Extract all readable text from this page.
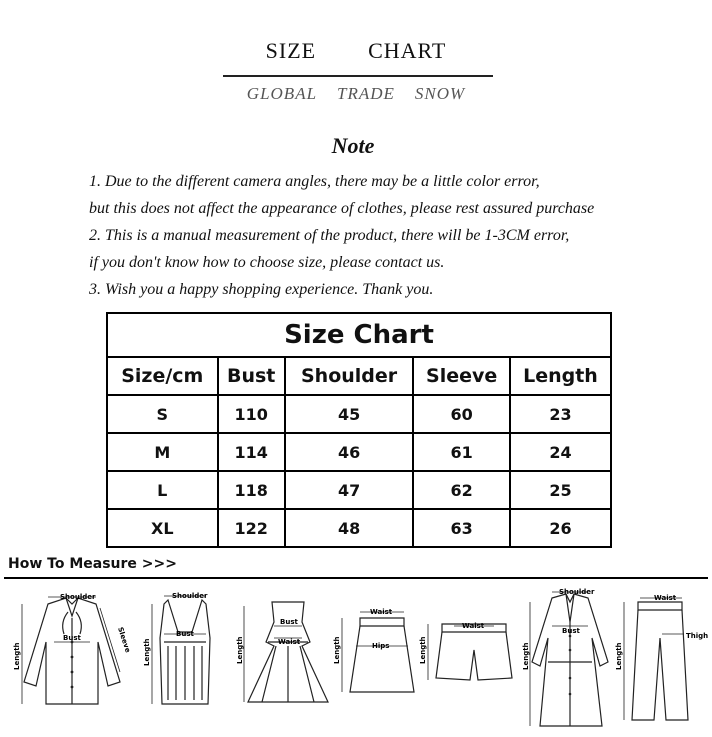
SIZE CHART
GLOBAL TRADE SNOW
Note
1. Due to the different camera angles, there may be a little color error,
but this does not affect the appearance of clothes, please rest assured purchase
2. This is a manual measurement of the product, there will be 1-3CM error,
if you don't know how to choose size, please contact us.
3. Wish you a happy shopping experience. Thank you.
Size Chart				
Size/cm	Bust	Shoulder	Sleeve	Length
S	110	45	60	23
M	114	46	61	24
L	118	47	62	25
XL	122	48	63	26
How To Measure >>>
Shoulder
Bust
Length
Sleeve
Shoulder
Bust
Length
Bust
Waist
Length
Waist
Hips
Length
Waist
Length
Shoulder
Bust
Length
Waist
Thigh
Length
